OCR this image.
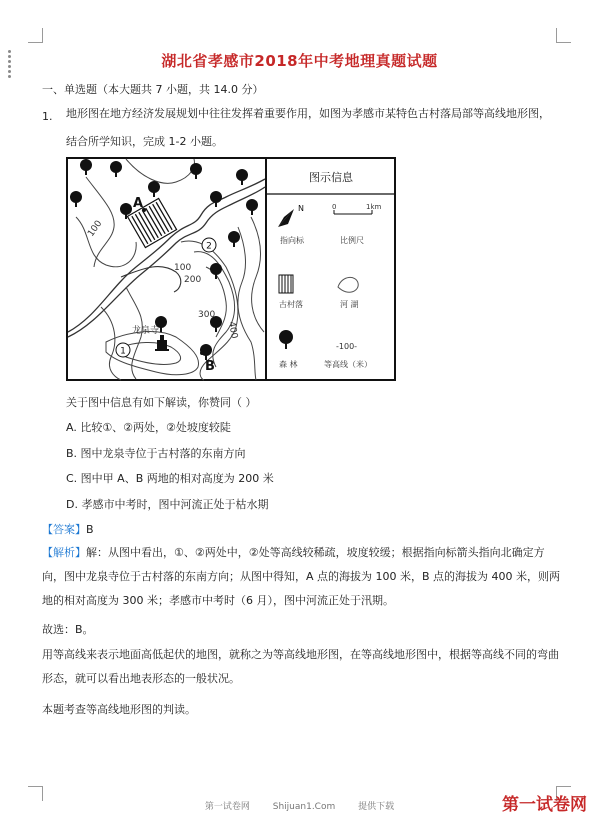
湖北省孝感市2018年中考地理真题试题
一、单选题（本大题共 7 小题，共 14.0 分）
1. 地形图在地方经济发展规划中往往发挥着重要作用，如图为孝感市某特色古村落局部等高线地形图，
结合所学知识，完成 1-2 小题。
2
1
A
B
100
100
200
300
400
龙泉寺
图示信息
N
指向标
0	1km
比例尺
古村落	河 湖
森 林
-100-
等高线（米）
关于图中信息有如下解读，你赞同（ ）
A. 比较①、②两处，②处坡度较陡
B. 图中龙泉寺位于古村落的东南方向
C. 图中甲 A、B 两地的相对高度为 200 米
D. 孝感市中考时，图中河流正处于枯水期
【答案】B
【解析】解：从图中看出，①、②两处中，②处等高线较稀疏，坡度较缓；根据指向标箭头指向北确定方向，图中龙泉寺位于古村落的东南方向；从图中得知，A 点的海拔为 100 米，B 点的海拔为 400 米，则两地的相对高度为 300 米；孝感市中考时（6 月），图中河流正处于汛期。
故选：B。
用等高线来表示地面高低起伏的地图，就称之为等高线地形图，在等高线地形图中，根据等高线不同的弯曲形态，就可以看出地表形态的一般状况。
本题考查等高线地形图的判读。
第一试卷网	Shijuan1.Com	提供下载	第一试卷网
